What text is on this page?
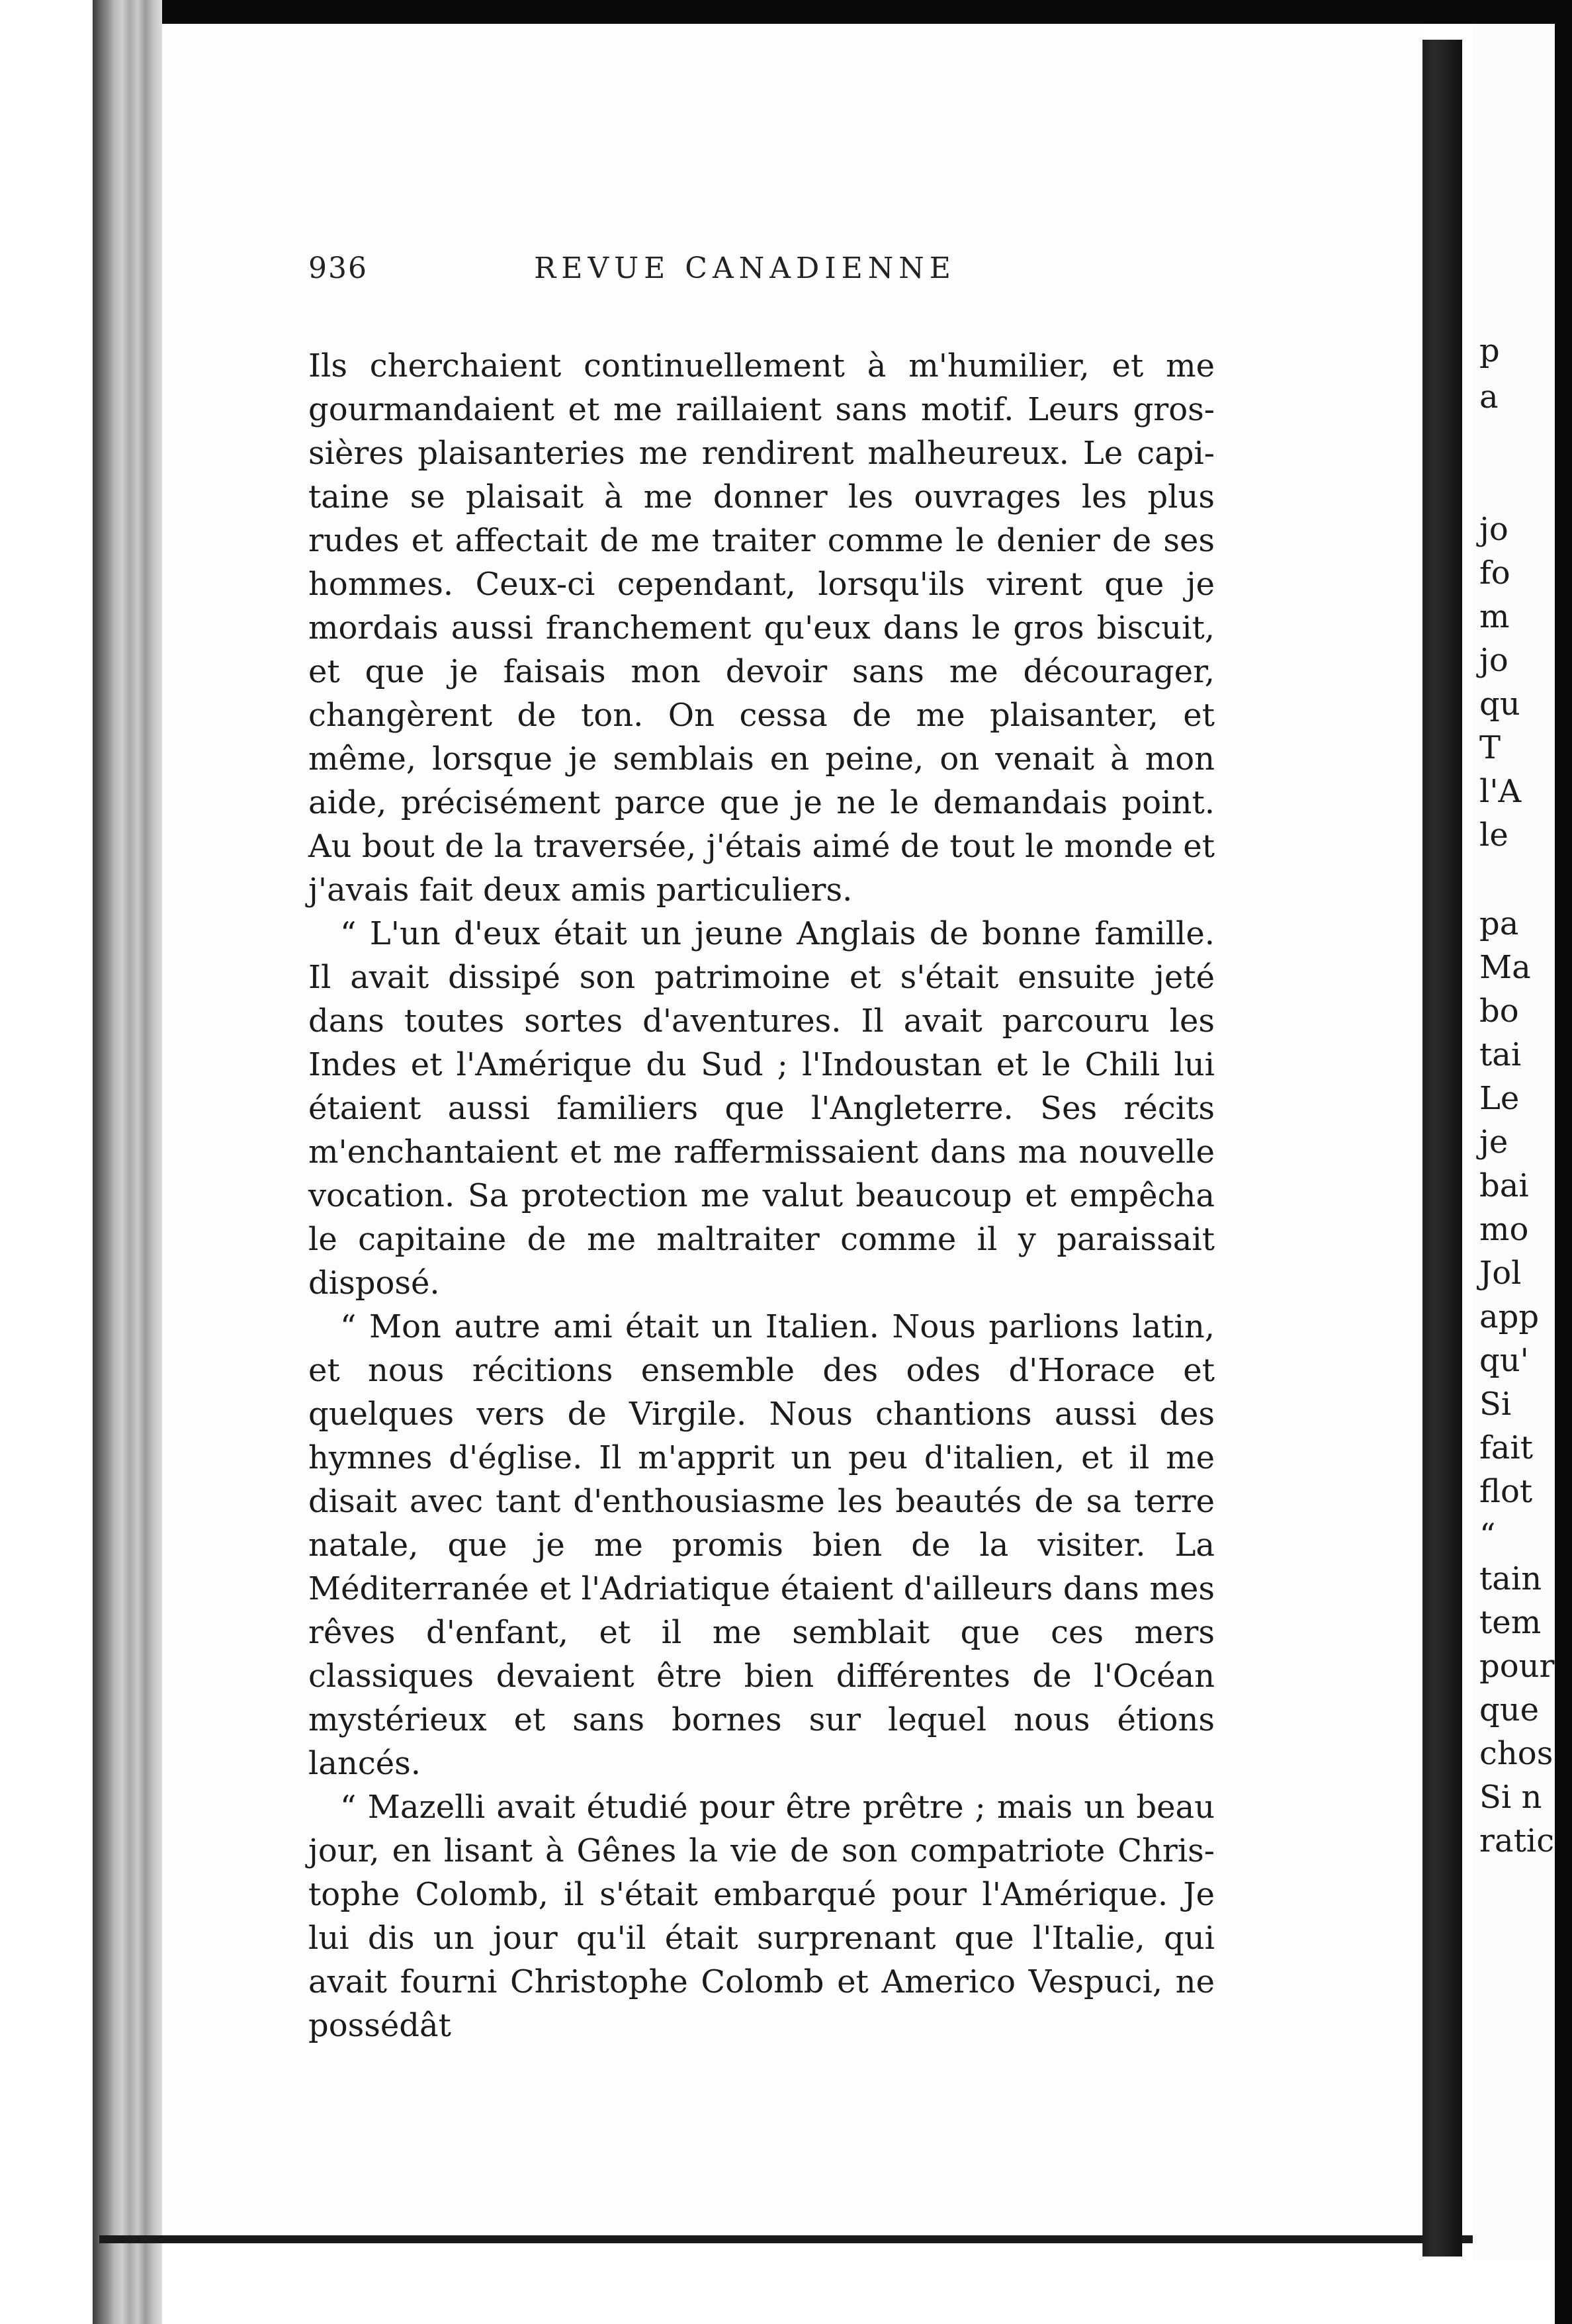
936	REVUE CANADIENNE

Ils cherchaient continuellement à m'humilier, et me gourmandaient et me raillaient sans motif. Leurs grossières plaisanteries me rendirent malheureux. Le capitaine se plaisait à me donner les ouvrages les plus rudes et affectait de me traiter comme le denier de ses hommes. Ceux-ci cependant, lorsqu'ils virent que je mordais aussi franchement qu'eux dans le gros biscuit, et que je faisais mon devoir sans me décourager, changèrent de ton. On cessa de me plaisanter, et même, lorsque je semblais en peine, on venait à mon aide, précisément parce que je ne le demandais point. Au bout de la traversée, j'étais aimé de tout le monde et j'avais fait deux amis particuliers.

“ L'un d'eux était un jeune Anglais de bonne famille. Il avait dissipé son patrimoine et s'était ensuite jeté dans toutes sortes d'aventures. Il avait parcouru les Indes et l'Amérique du Sud ; l'Indoustan et le Chili lui étaient aussi familiers que l'Angleterre. Ses récits m'enchantaient et me raffermissaient dans ma nouvelle vocation. Sa protection me valut beaucoup et empêcha le capitaine de me maltraiter comme il y paraissait disposé.

“ Mon autre ami était un Italien. Nous parlions latin, et nous récitions ensemble des odes d'Horace et quelques vers de Virgile. Nous chantions aussi des hymnes d'église. Il m'apprit un peu d'italien, et il me disait avec tant d'enthousiasme les beautés de sa terre natale, que je me promis bien de la visiter. La Méditerranée et l'Adriatique étaient d'ailleurs dans mes rêves d'enfant, et il me semblait que ces mers classiques devaient être bien différentes de l'Océan mystérieux et sans bornes sur lequel nous étions lancés.

“ Mazelli avait étudié pour être prêtre ; mais un beau jour, en lisant à Gênes la vie de son compatriote Christophe Colomb, il s'était embarqué pour l'Amérique. Je lui dis un jour qu'il était surprenant que l'Italie, qui avait fourni Christophe Colomb et Americo Vespuci, ne possédât

p
a
jo
fo
m
jo
qu
T
l'A
le
pa
Ma
bo
tai
Le
je
bai
mo
Jol
app
qu'
Si
fait
flot
“
tain
tem
pour
que
chos
Si n
ratic
